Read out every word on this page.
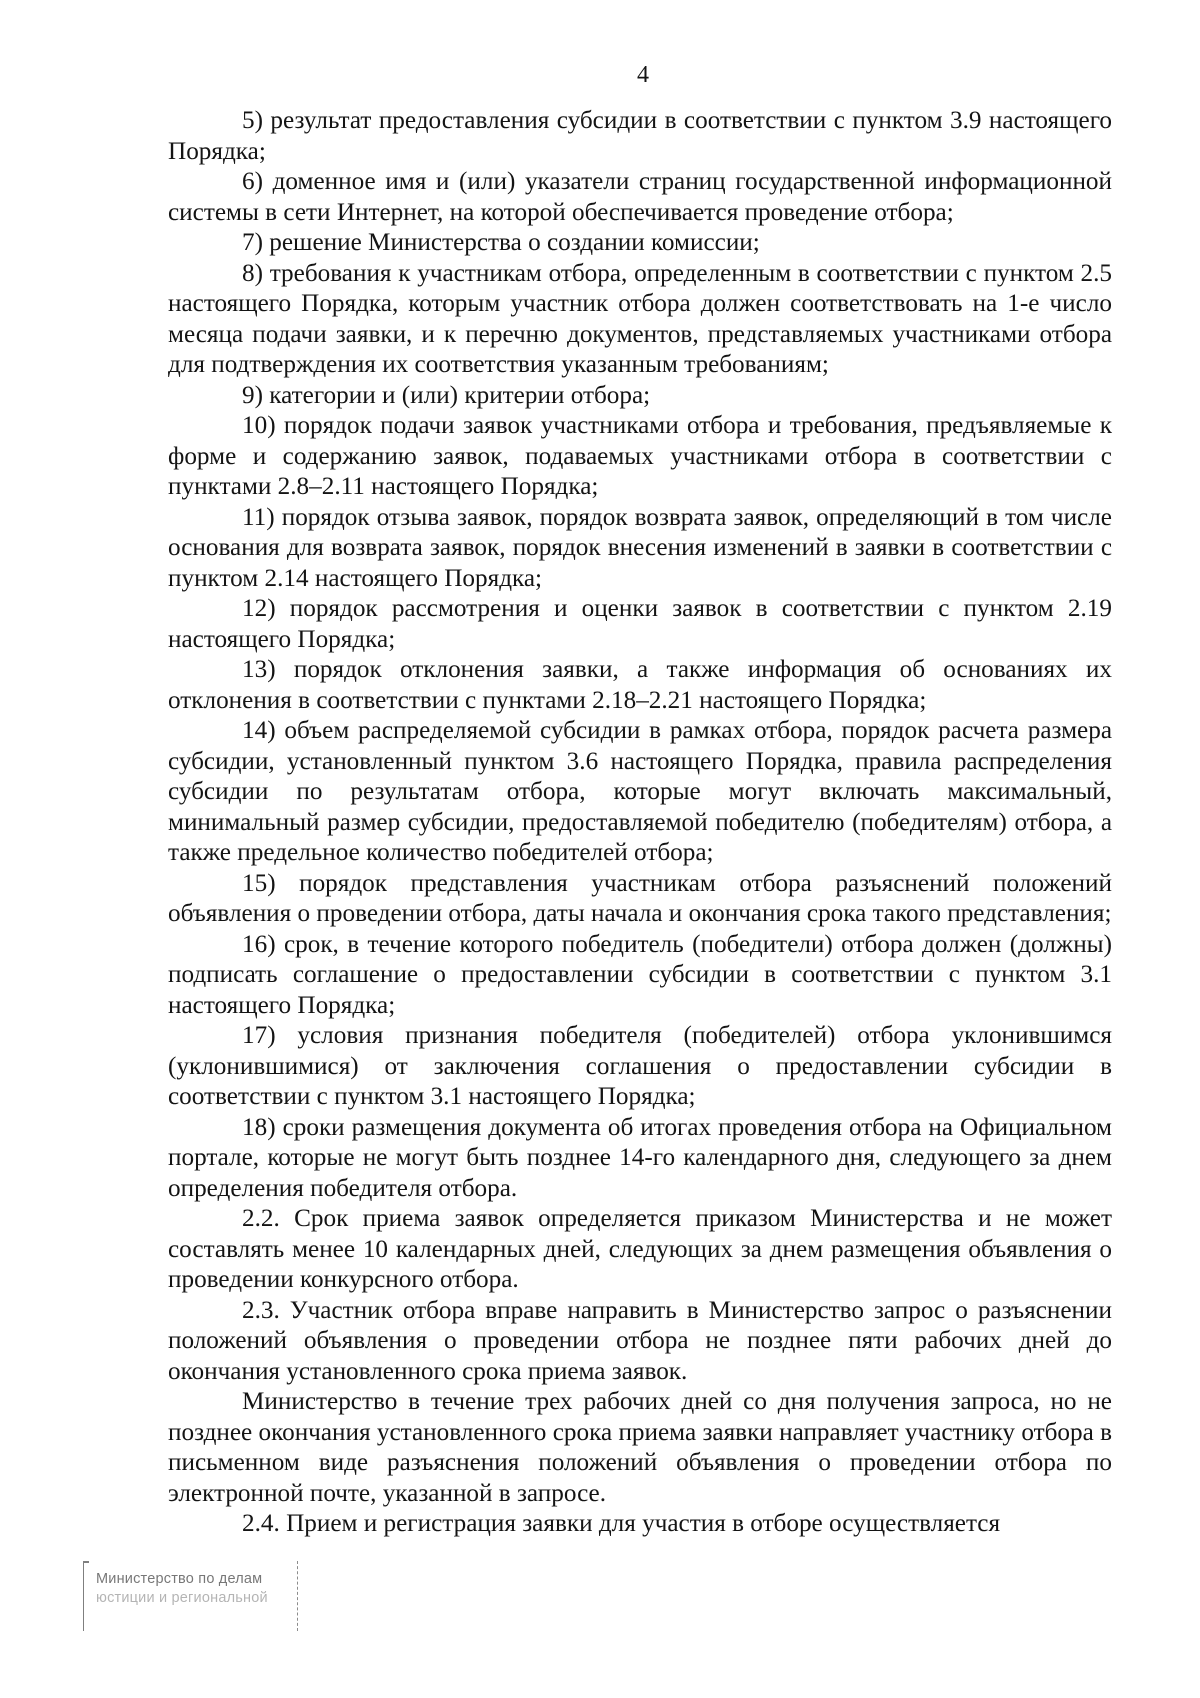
4

5) результат предоставления субсидии в соответствии с пунктом 3.9 настоящего Порядка;

6) доменное имя и (или) указатели страниц государственной информационной системы в сети Интернет, на которой обеспечивается проведение отбора;

7) решение Министерства о создании комиссии;

8) требования к участникам отбора, определенным в соответствии с пунктом 2.5 настоящего Порядка, которым участник отбора должен соответствовать на 1-е число месяца подачи заявки, и к перечню документов, представляемых участниками отбора для подтверждения их соответствия указанным требованиям;

9) категории и (или) критерии отбора;

10) порядок подачи заявок участниками отбора и требования, предъявляемые к форме и содержанию заявок, подаваемых участниками отбора в соответствии с пунктами 2.8–2.11 настоящего Порядка;

11) порядок отзыва заявок, порядок возврата заявок, определяющий в том числе основания для возврата заявок, порядок внесения изменений в заявки в соответствии с пунктом 2.14 настоящего Порядка;

12) порядок рассмотрения и оценки заявок в соответствии с пунктом 2.19 настоящего Порядка;

13) порядок отклонения заявки, а также информация об основаниях их отклонения в соответствии с пунктами 2.18–2.21 настоящего Порядка;

14) объем распределяемой субсидии в рамках отбора, порядок расчета размера субсидии, установленный пунктом 3.6 настоящего Порядка, правила распределения субсидии по результатам отбора, которые могут включать максимальный, минимальный размер субсидии, предоставляемой победителю (победителям) отбора, а также предельное количество победителей отбора;

15) порядок представления участникам отбора разъяснений положений объявления о проведении отбора, даты начала и окончания срока такого представления;

16) срок, в течение которого победитель (победители) отбора должен (должны) подписать соглашение о предоставлении субсидии в соответствии с пунктом 3.1 настоящего Порядка;

17) условия признания победителя (победителей) отбора уклонившимся (уклонившимися) от заключения соглашения о предоставлении субсидии в соответствии с пунктом 3.1 настоящего Порядка;

18) сроки размещения документа об итогах проведения отбора на Официальном портале, которые не могут быть позднее 14-го календарного дня, следующего за днем определения победителя отбора.

2.2. Срок приема заявок определяется приказом Министерства и не может составлять менее 10 календарных дней, следующих за днем размещения объявления о проведении конкурсного отбора.

2.3. Участник отбора вправе направить в Министерство запрос о разъяснении положений объявления о проведении отбора не позднее пяти рабочих дней до окончания установленного срока приема заявок.

Министерство в течение трех рабочих дней со дня получения запроса, но не позднее окончания установленного срока приема заявки направляет участнику отбора в письменном виде разъяснения положений объявления о проведении отбора по электронной почте, указанной в запросе.

2.4. Прием и регистрация заявки для участия в отборе осуществляется

Министерство по делам
юстиции и региональной
